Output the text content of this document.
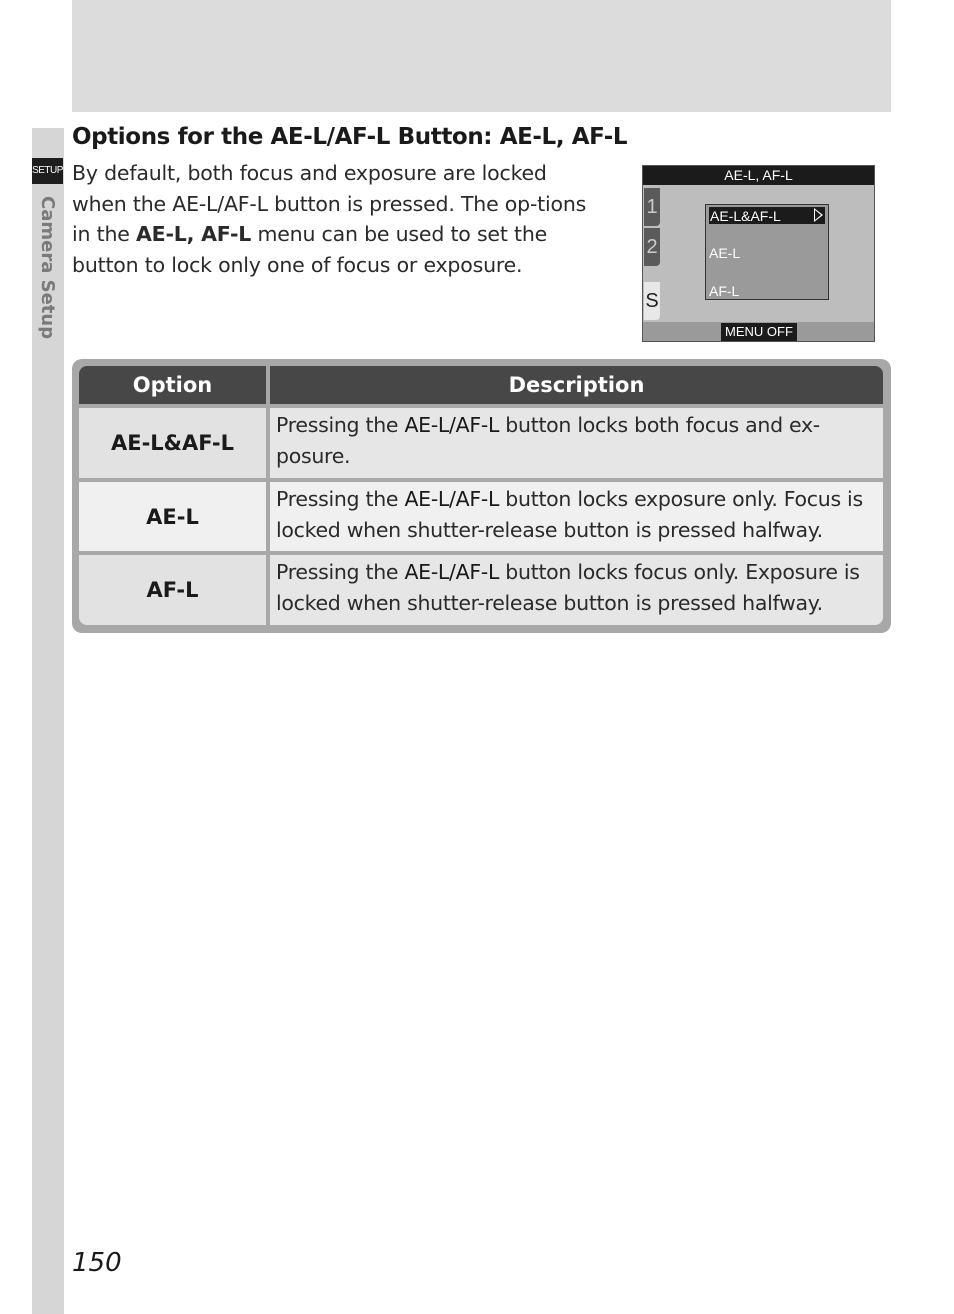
SETUP
Camera Setup
Options for the AE-L/AF-L Button: AE-L, AF-L
By default, both focus and exposure are locked when the AE-L/AF-L button is pressed. The op-tions in the AE-L, AF-L menu can be used to set the button to lock only one of focus or exposure.
AE-L, AF-L
1
2
S
AE-L&AF-L
AE-L
AF-L
MENU OFF
Option	Description
AE-L&AF-L
Pressing the AE-L/AF-L button locks both focus and ex-posure.
AE-L
Pressing the AE-L/AF-L button locks exposure only. Focus is locked when shutter-release button is pressed halfway.
AF-L
Pressing the AE-L/AF-L button locks focus only. Exposure is locked when shutter-release button is pressed halfway.
150
